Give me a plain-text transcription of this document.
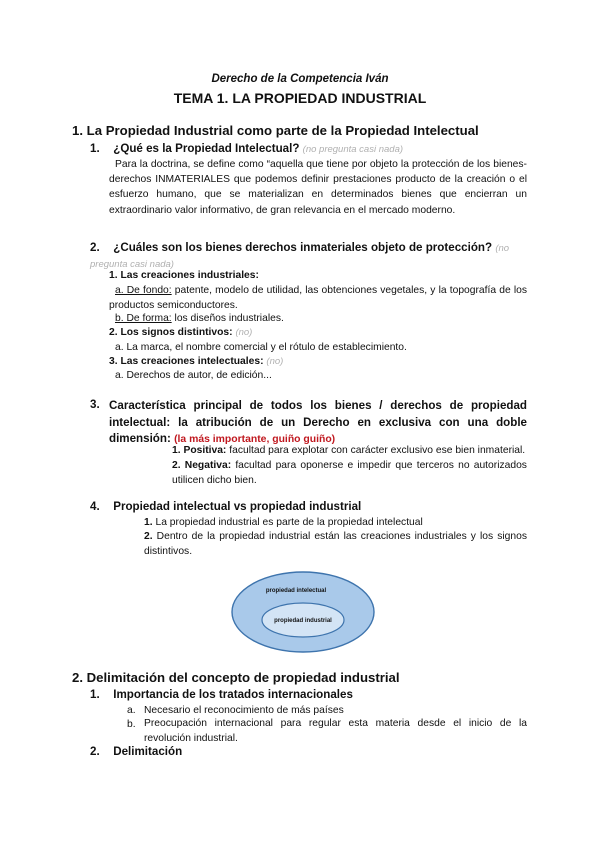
Derecho de la Competencia Iván
TEMA 1. LA PROPIEDAD INDUSTRIAL
1. La Propiedad Industrial como parte de la Propiedad Intelectual
1. ¿Qué es la Propiedad Intelectual? (no pregunta casi nada)
Para la doctrina, se define como “aquella que tiene por objeto la protección de los bienes-derechos INMATERIALES que podemos definir prestaciones producto de la creación o el esfuerzo humano, que se materializan en determinados bienes que encierran un extraordinario valor informativo, de gran relevancia en el mercado moderno.
2. ¿Cuáles son los bienes derechos inmateriales objeto de protección? (no pregunta casi nada)
1. Las creaciones industriales:
a. De fondo: patente, modelo de utilidad, las obtenciones vegetales, y la topografía de los productos semiconductores.
b. De forma: los diseños industriales.
2. Los signos distintivos: (no)
a. La marca, el nombre comercial y el rótulo de establecimiento.
3. Las creaciones intelectuales: (no)
a. Derechos de autor, de edición...
3. Característica principal de todos los bienes / derechos de propiedad intelectual: la atribución de un Derecho en exclusiva con una doble dimensión: (la más importante, guiño guiño)
1. Positiva: facultad para explotar con carácter exclusivo ese bien inmaterial.
2. Negativa: facultad para oponerse e impedir que terceros no autorizados utilicen dicho bien.
4. Propiedad intelectual vs propiedad industrial
1. La propiedad industrial es parte de la propiedad intelectual
2. Dentro de la propiedad industrial están las creaciones industriales y los signos distintivos.
propiedad intelectual
propiedad industrial
2. Delimitación del concepto de propiedad industrial
1. Importancia de los tratados internacionales
a. Necesario el reconocimiento de más países
b. Preocupación internacional para regular esta materia desde el inicio de la revolución industrial.
2. Delimitación
